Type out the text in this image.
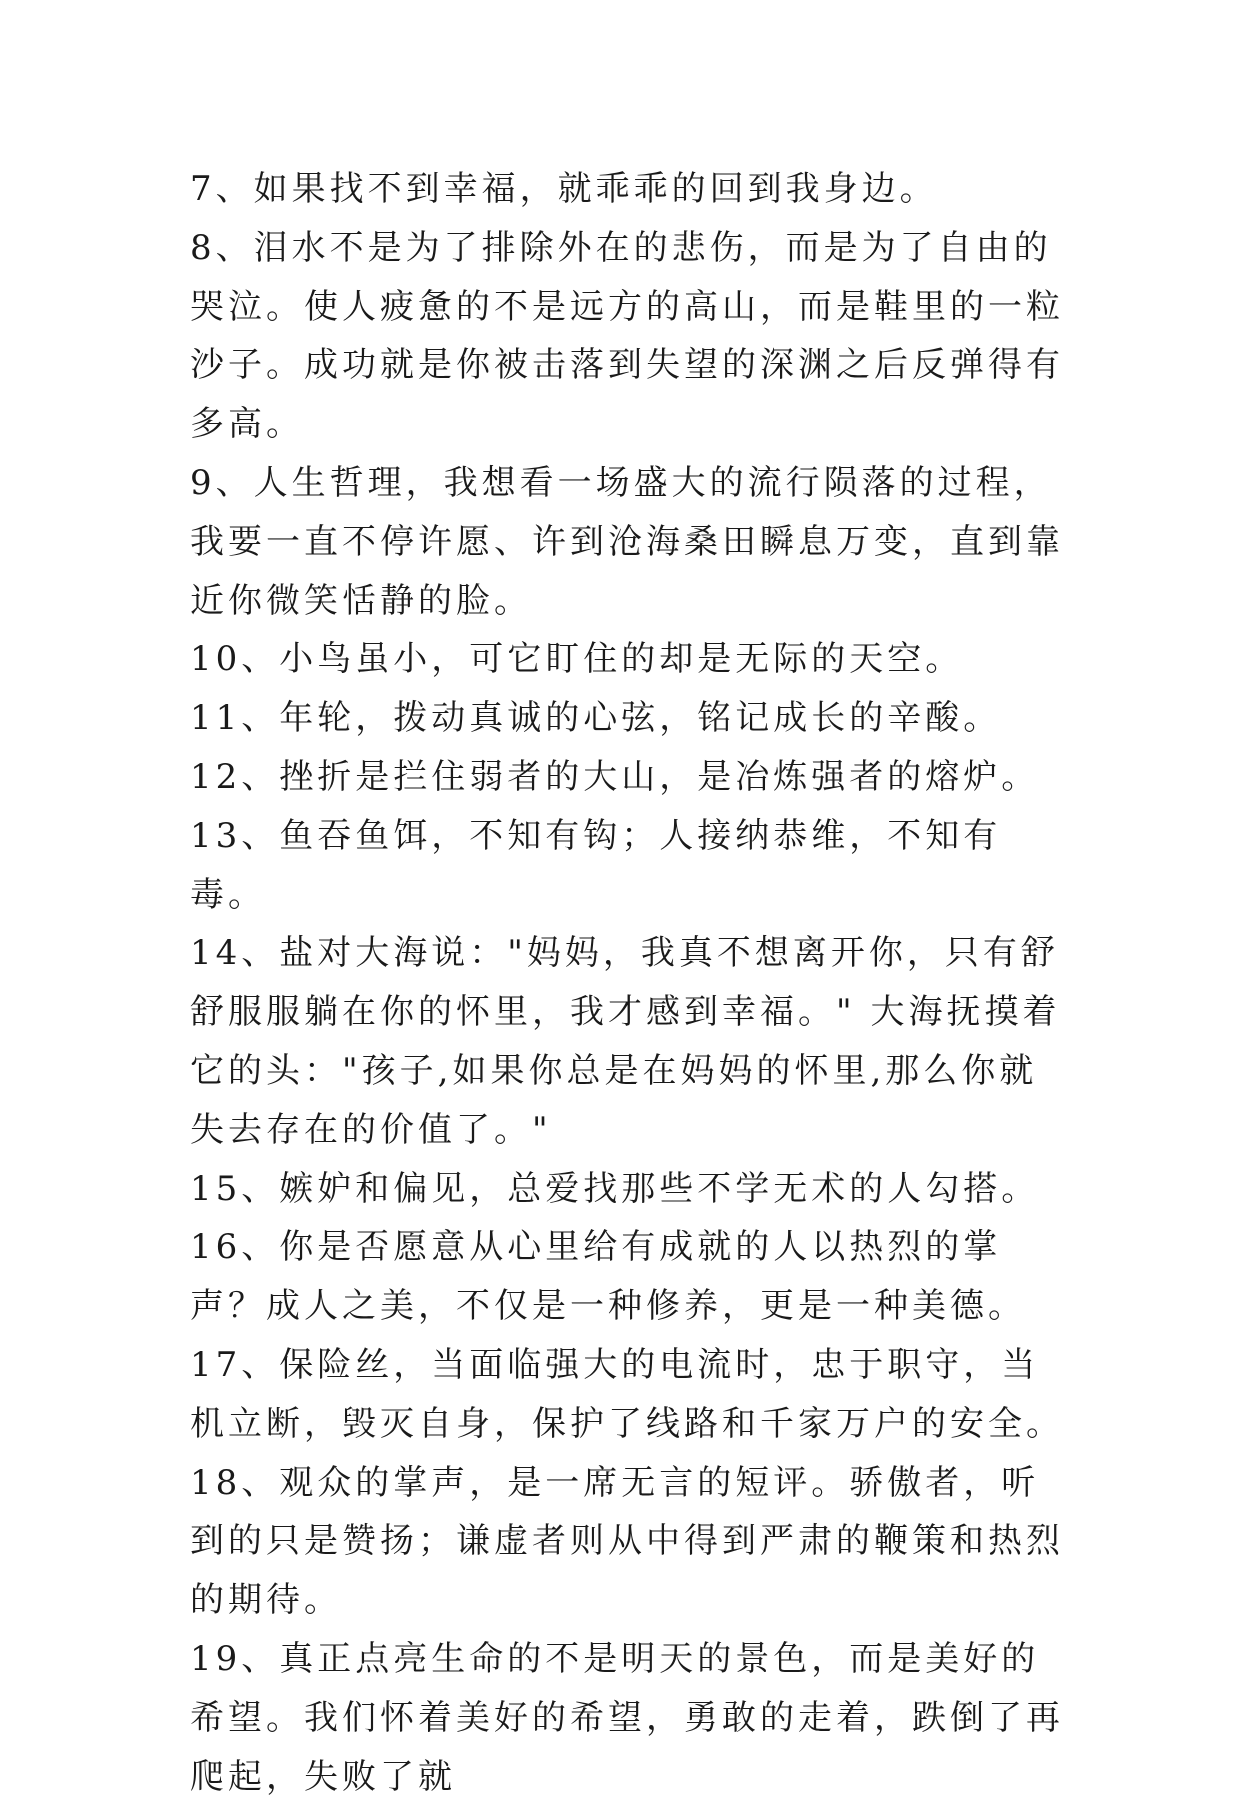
7、如果找不到幸福，就乖乖的回到我身边。

8、泪水不是为了排除外在的悲伤，而是为了自由的哭泣。使人疲惫的不是远方的高山，而是鞋里的一粒沙子。成功就是你被击落到失望的深渊之后反弹得有多高。

9、人生哲理，我想看一场盛大的流行陨落的过程，我要一直不停许愿、许到沧海桑田瞬息万变，直到靠近你微笑恬静的脸。

10、小鸟虽小，可它盯住的却是无际的天空。

11、年轮，拨动真诚的心弦，铭记成长的辛酸。

12、挫折是拦住弱者的大山，是冶炼强者的熔炉。

13、鱼吞鱼饵，不知有钩；人接纳恭维，不知有毒。

14、盐对大海说："妈妈，我真不想离开你，只有舒舒服服躺在你的怀里，我才感到幸福。" 大海抚摸着它的头："孩子,如果你总是在妈妈的怀里,那么你就失去存在的价值了。"

15、嫉妒和偏见，总爱找那些不学无术的人勾搭。

16、你是否愿意从心里给有成就的人以热烈的掌 声？成人之美，不仅是一种修养，更是一种美德。

17、保险丝，当面临强大的电流时，忠于职守，当机立断，毁灭自身，保护了线路和千家万户的安全。

18、观众的掌声，是一席无言的短评。骄傲者，听到的只是赞扬；谦虚者则从中得到严肃的鞭策和热烈的期待。

19、真正点亮生命的不是明天的景色，而是美好的希望。我们怀着美好的希望，勇敢的走着，跌倒了再爬起，失败了就
